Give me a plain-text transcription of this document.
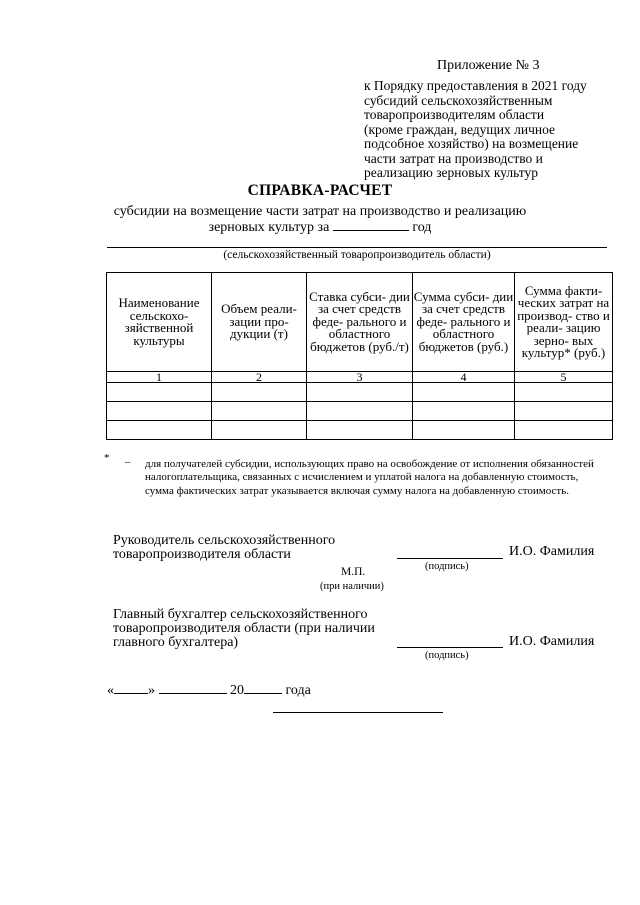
Приложение № 3
к Порядку предоставления в 2021 году
субсидий сельскохозяйственным
товаропроизводителям области
(кроме граждан, ведущих личное
подсобное хозяйство) на возмещение
части затрат на производство и
реализацию зерновых культур
СПРАВКА-РАСЧЕТ
субсидии на возмещение части затрат на производство и реализацию
зерновых культур за	год
(сельскохозяйственный товаропроизводитель области)
Наименование сельскохо- зяйственной культуры	Объем реали- зации про- дукции (т)	Ставка субси- дии за счет средств феде- рального и областного бюджетов (руб./т)	Сумма субси- дии за счет средств феде- рального и областного бюджетов (руб.)	Сумма факти- ческих затрат на производ- ство и реали- зацию зерно- вых культур* (руб.)
1	2	3	4	5

* – для получателей субсидии, использующих право на освобождение от исполнения обязанностей налогоплательщика, связанных с исчислением и уплатой налога на добавленную стоимость, сумма фактических затрат указывается включая сумму налога на добавленную стоимость.
Руководитель сельскохозяйственного
товаропроизводителя области
(подпись)
И.О. Фамилия
М.П.
(при наличии)
Главный бухгалтер сельскохозяйственного
товаропроизводителя области (при наличии
главного бухгалтера)
(подпись)
И.О. Фамилия
« »	20	года
